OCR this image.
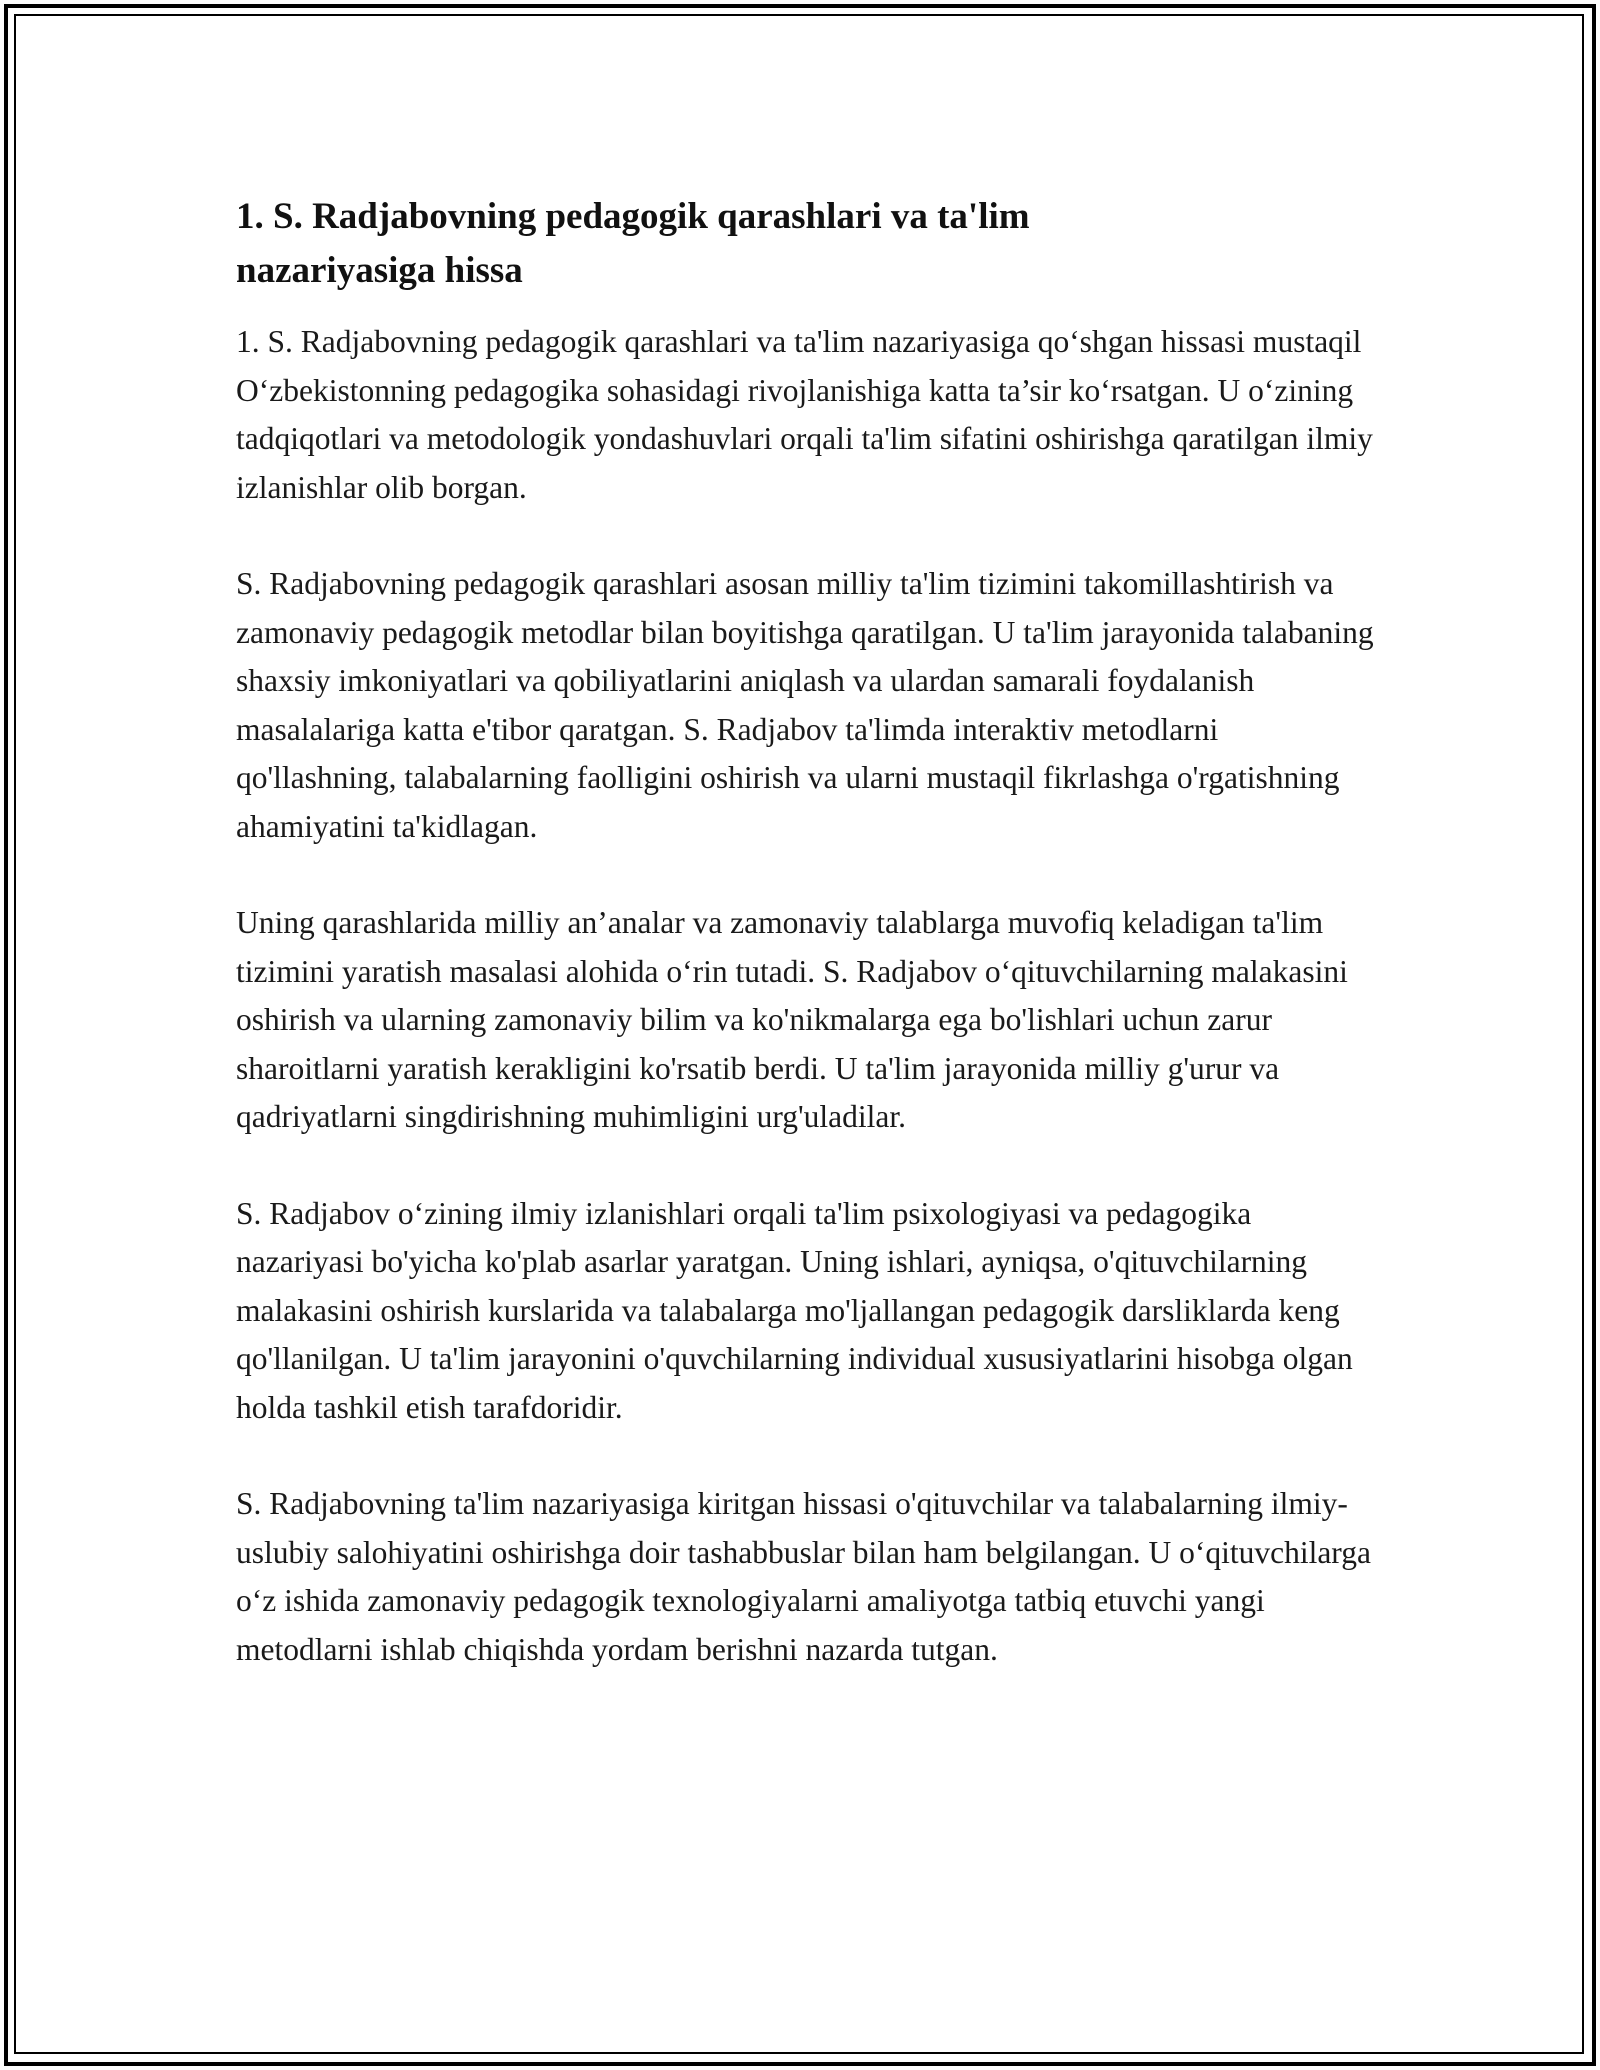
1. S. Radjabovning pedagogik qarashlari va ta'lim nazariyasiga hissa

1. S. Radjabovning pedagogik qarashlari va ta'lim nazariyasiga qo‘shgan hissasi mustaqil O‘zbekistonning pedagogika sohasidagi rivojlanishiga katta ta’sir ko‘rsatgan. U o‘zining tadqiqotlari va metodologik yondashuvlari orqali ta'lim sifatini oshirishga qaratilgan ilmiy izlanishlar olib borgan.

S. Radjabovning pedagogik qarashlari asosan milliy ta'lim tizimini takomillashtirish va zamonaviy pedagogik metodlar bilan boyitishga qaratilgan. U ta'lim jarayonida talabaning shaxsiy imkoniyatlari va qobiliyatlarini aniqlash va ulardan samarali foydalanish masalalariga katta e'tibor qaratgan. S. Radjabov ta'limda interaktiv metodlarni qo'llashning, talabalarning faolligini oshirish va ularni mustaqil fikrlashga o'rgatishning ahamiyatini ta'kidlagan.

Uning qarashlarida milliy an’analar va zamonaviy talablarga muvofiq keladigan ta'lim tizimini yaratish masalasi alohida o‘rin tutadi. S. Radjabov o‘qituvchilarning malakasini oshirish va ularning zamonaviy bilim va ko'nikmalarga ega bo'lishlari uchun zarur sharoitlarni yaratish kerakligini ko'rsatib berdi. U ta'lim jarayonida milliy g'urur va qadriyatlarni singdirishning muhimligini urg'uladilar.

S. Radjabov o‘zining ilmiy izlanishlari orqali ta'lim psixologiyasi va pedagogika nazariyasi bo'yicha ko'plab asarlar yaratgan. Uning ishlari, ayniqsa, o'qituvchilarning malakasini oshirish kurslarida va talabalarga mo'ljallangan pedagogik darsliklarda keng qo'llanilgan. U ta'lim jarayonini o'quvchilarning individual xususiyatlarini hisobga olgan holda tashkil etish tarafdoridir.

S. Radjabovning ta'lim nazariyasiga kiritgan hissasi o'qituvchilar va talabalarning ilmiy-uslubiy salohiyatini oshirishga doir tashabbuslar bilan ham belgilangan. U o‘qituvchilarga o‘z ishida zamonaviy pedagogik texnologiyalarni amaliyotga tatbiq etuvchi yangi metodlarni ishlab chiqishda yordam berishni nazarda tutgan.
